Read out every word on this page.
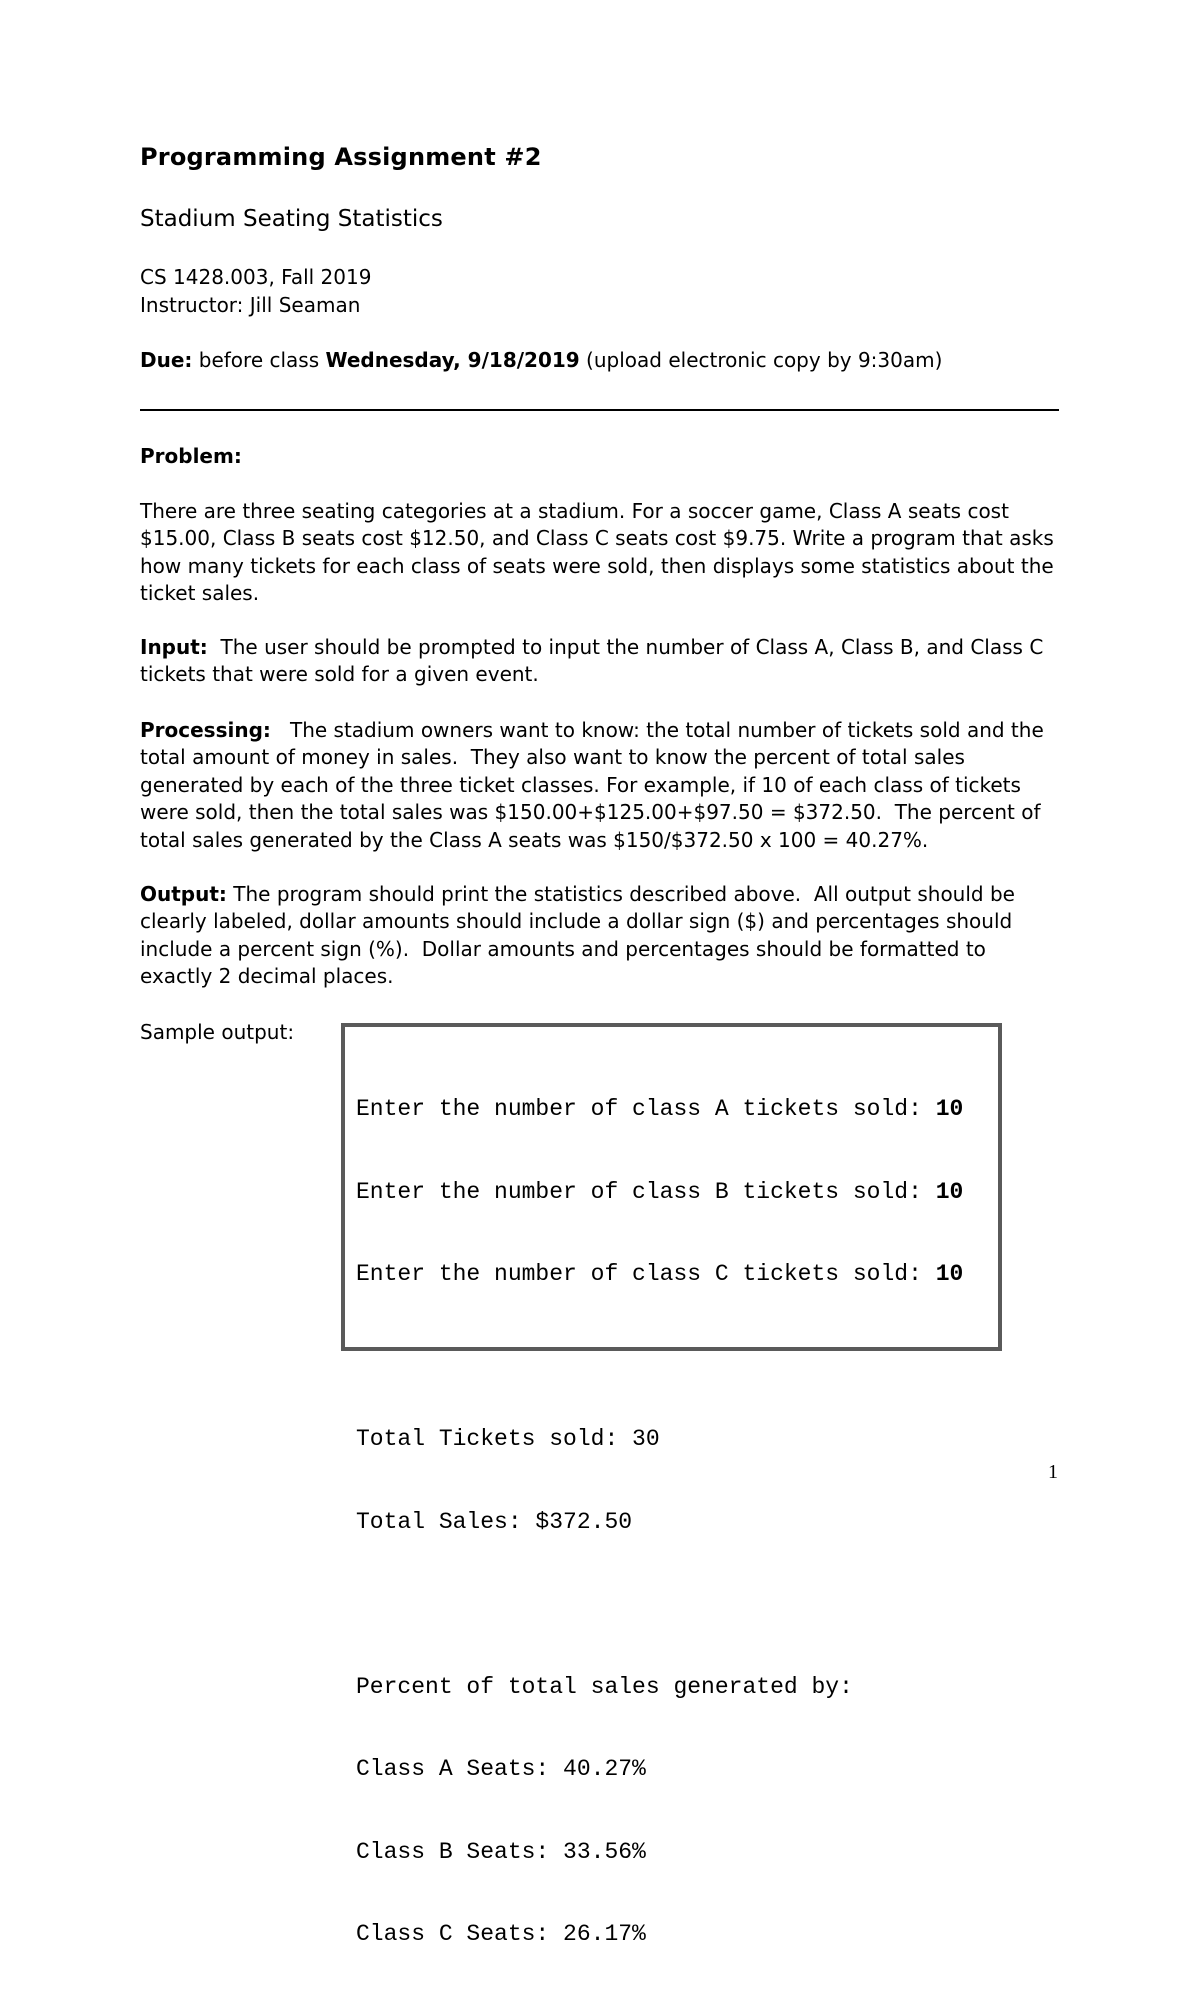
Programming Assignment #2
Stadium Seating Statistics
CS 1428.003, Fall 2019
Instructor: Jill Seaman
Due: before class Wednesday, 9/18/2019 (upload electronic copy by 9:30am)
Problem:

There are three seating categories at a stadium. For a soccer game, Class A seats cost $15.00, Class B seats cost $12.50, and Class C seats cost $9.75. Write a program that asks how many tickets for each class of seats were sold, then displays some statistics about the ticket sales.

Input:  The user should be prompted to input the number of Class A, Class B, and Class C tickets that were sold for a given event.

Processing:   The stadium owners want to know: the total number of tickets sold and the total amount of money in sales.  They also want to know the percent of total sales generated by each of the three ticket classes. For example, if 10 of each class of tickets were sold, then the total sales was $150.00+$125.00+$97.50 = $372.50.  The percent of total sales generated by the Class A seats was $150/$372.50 x 100 = 40.27%.

Output: The program should print the statistics described above.  All output should be clearly labeled, dollar amounts should include a dollar sign ($) and percentages should include a percent sign (%).  Dollar amounts and percentages should be formatted to exactly 2 decimal places.

Sample output:

Enter the number of class A tickets sold: 10

Enter the number of class B tickets sold: 10

Enter the number of class C tickets sold: 10

Total Tickets sold: 30

Total Sales: $372.50

Percent of total sales generated by:

Class A Seats: 40.27%

Class B Seats: 33.56%

Class C Seats: 26.17%

1
